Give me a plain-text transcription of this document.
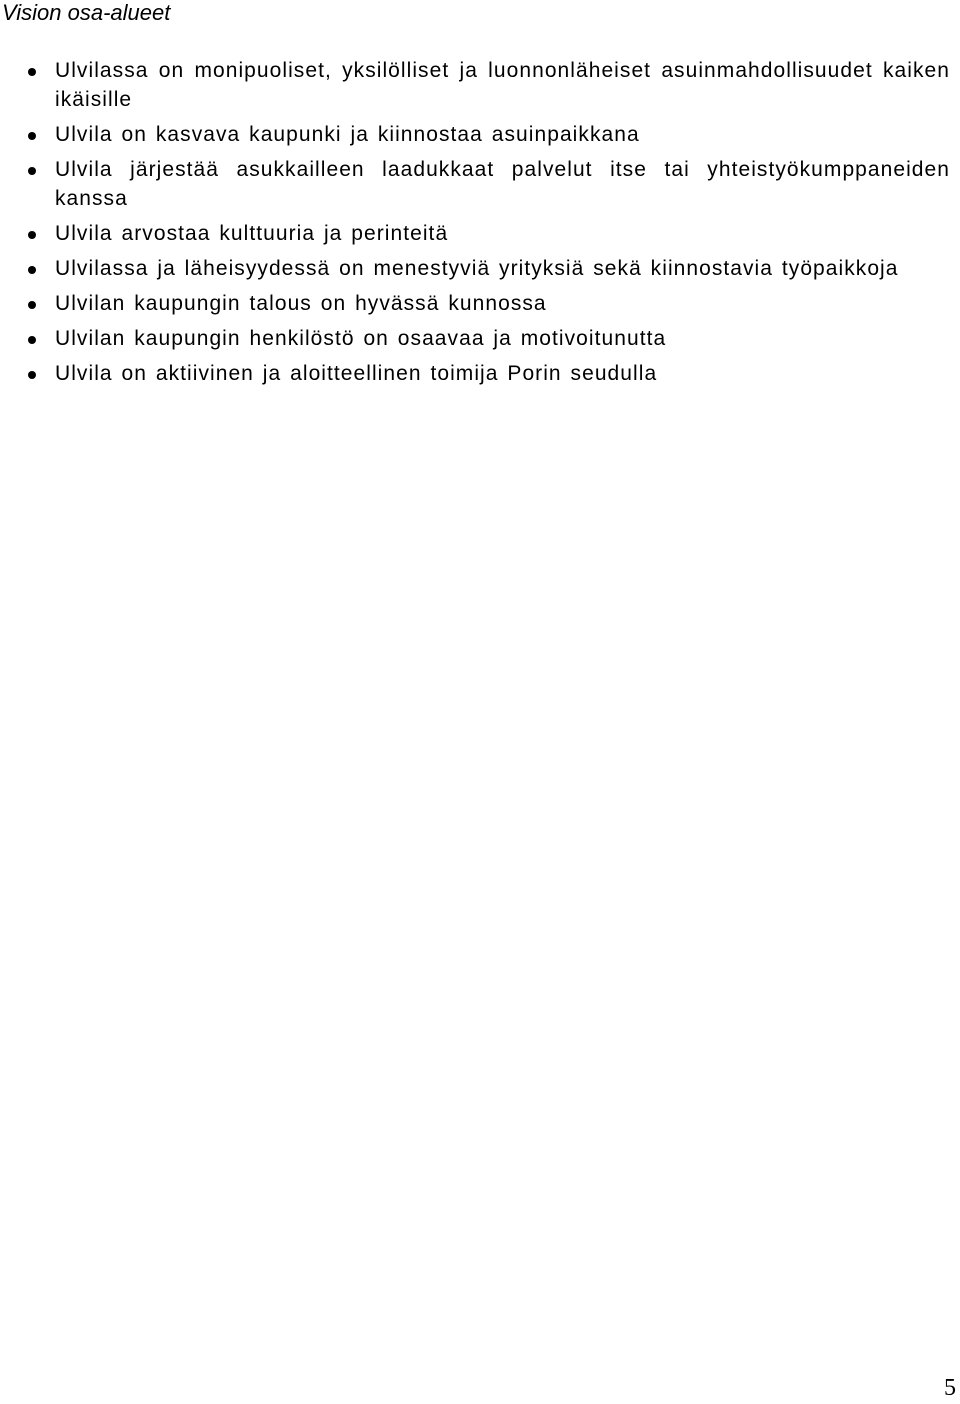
Vision osa-alueet
Ulvilassa on monipuoliset, yksilölliset ja luonnonläheiset asuinmahdollisuudet kaiken ikäisille
Ulvila on kasvava kaupunki ja kiinnostaa asuinpaikkana
Ulvila järjestää asukkailleen laadukkaat palvelut itse tai yhteistyökumppaneiden kanssa
Ulvila arvostaa kulttuuria ja perinteitä
Ulvilassa ja läheisyydessä on menestyviä yrityksiä sekä kiinnostavia työpaikkoja
Ulvilan kaupungin talous on hyvässä kunnossa
Ulvilan kaupungin henkilöstö on osaavaa ja motivoitunutta
Ulvila on aktiivinen ja aloitteellinen toimija Porin seudulla
5
